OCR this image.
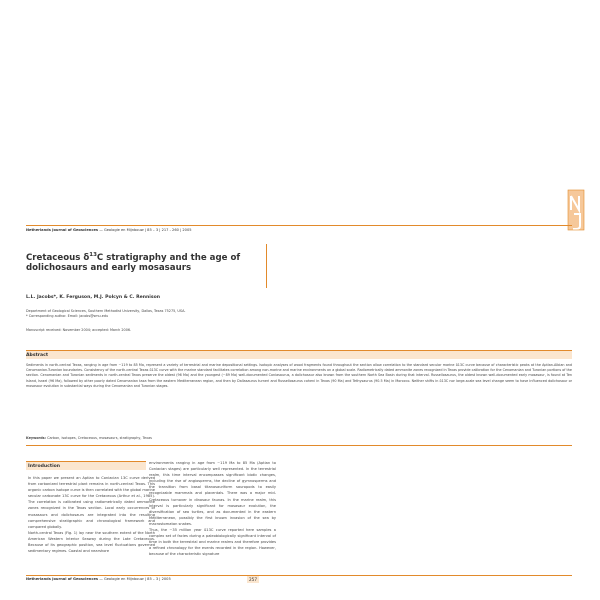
Netherlands Journal of Geosciences — Geologie en Mijnbouw | 85 – 3 | 217 - 260 | 2005
Cretaceous $\delta^{13}C$ stratigraphy and the age of dolichosaurs and early mosasaurs
L.L. Jacobs*, K. Ferguson, M.J. Polcyn & C. Rennison
Department of Geological Sciences, Southern Methodist University, Dallas, Texas 75275, USA.
* Corresponding author. Email: jacobs@smu.edu
Manuscript received: November 2004; accepted: March 2006.
Abstract

Sediments in north-central Texas, ranging in age from ~119 to 85 Ma, represent a variety of terrestrial and marine depositional settings. Isotopic analyses of wood fragments found throughout the section allow correlation to the standard secular marine δ13C curve because of characteristic peaks at the Aptian-Albian and Cenomanian-Turonian boundaries. Consistency of the north-central Texas δ13C curve with the marine standard facilitates correlation among non-marine and marine environments on a global scale. Radiometrically dated ammonite zones recognized in Texas provide calibration for the Cenomanian and Turonian portions of the section. Cenomanian and Turonian sediments in north-central Texas preserve the oldest (96 Ma) and the youngest (~89 Ma) well-documented Coniasaurus, a dolichosaur also known from the southern North Sea Basin during that interval. Russellosaurus, the oldest known well-documented early mosasaur, is found at Ten Island, Israel (96 Ma), followed by other poorly dated Cenomanian taxa from the eastern Mediterranean region, and then by Dallasaurus turneri and Russellosaurus coheni in Texas (90 Ma) and Tethysaurus (90.5 Ma) in Morocco. Neither shifts in δ13C nor large-scale sea level change seem to have influenced dolichosaur or mosasaur evolution in substantial ways during the Cenomanian and Turonian stages.

Keywords: Carbon, isotopes, Cretaceous, mosasaurs, stratigraphy, Texas
Introduction

In this paper we present an Aptian to Coniacian 13C curve derived from carbonized terrestrial plant remains in north-central Texas. This organic carbon isotope curve is then correlated with the global marine secular carbonate 13C curve for the Cretaceous (Arthur et al., 1985). The correlation is calibrated using radiometrically dated ammonite zones recognized in the Texas section. Local early occurrences of mosasaurs and dolichosaurs are integrated into the resulting comprehensive stratigraphic and chronological framework and compared globally.
North-central Texas (Fig. 1) lay near the southern extent of the North American Western Interior Seaway during the Late Cretaceous. Because of its geographic position, sea level fluctuations governed sedimentary regimes. Coastal and nearshore

environments ranging in age from ~119 Ma to 85 Ma (Aptian to Coniacian stages) are particularly well represented. In the terrestrial realm, this time interval encompasses significant biotic changes, including the rise of angiosperms, the decline of gymnosperms and the transition from basal titanosauriform sauropods to easily recognizable mammals and placentals. There was a major mid-Cretaceous turnover in dinosaur faunas. In the marine realm, this interval is particularly significant for mosasaur evolution, the diversification of sea turtles, and as documented in the eastern Mediterranean, possibly the first known invasion of the sea by macrostomatan snakes.
Thus, the ~35 million year δ13C curve reported here samples a complex set of facies during a paleobiologically significant interval of time in both the terrestrial and marine realms and therefore provides a refined chronology for the events recorded in the region. However, because of the characteristic signature

Netherlands Journal of Geosciences — Geologie en Mijnbouw | 85 – 3 | 2005	257
